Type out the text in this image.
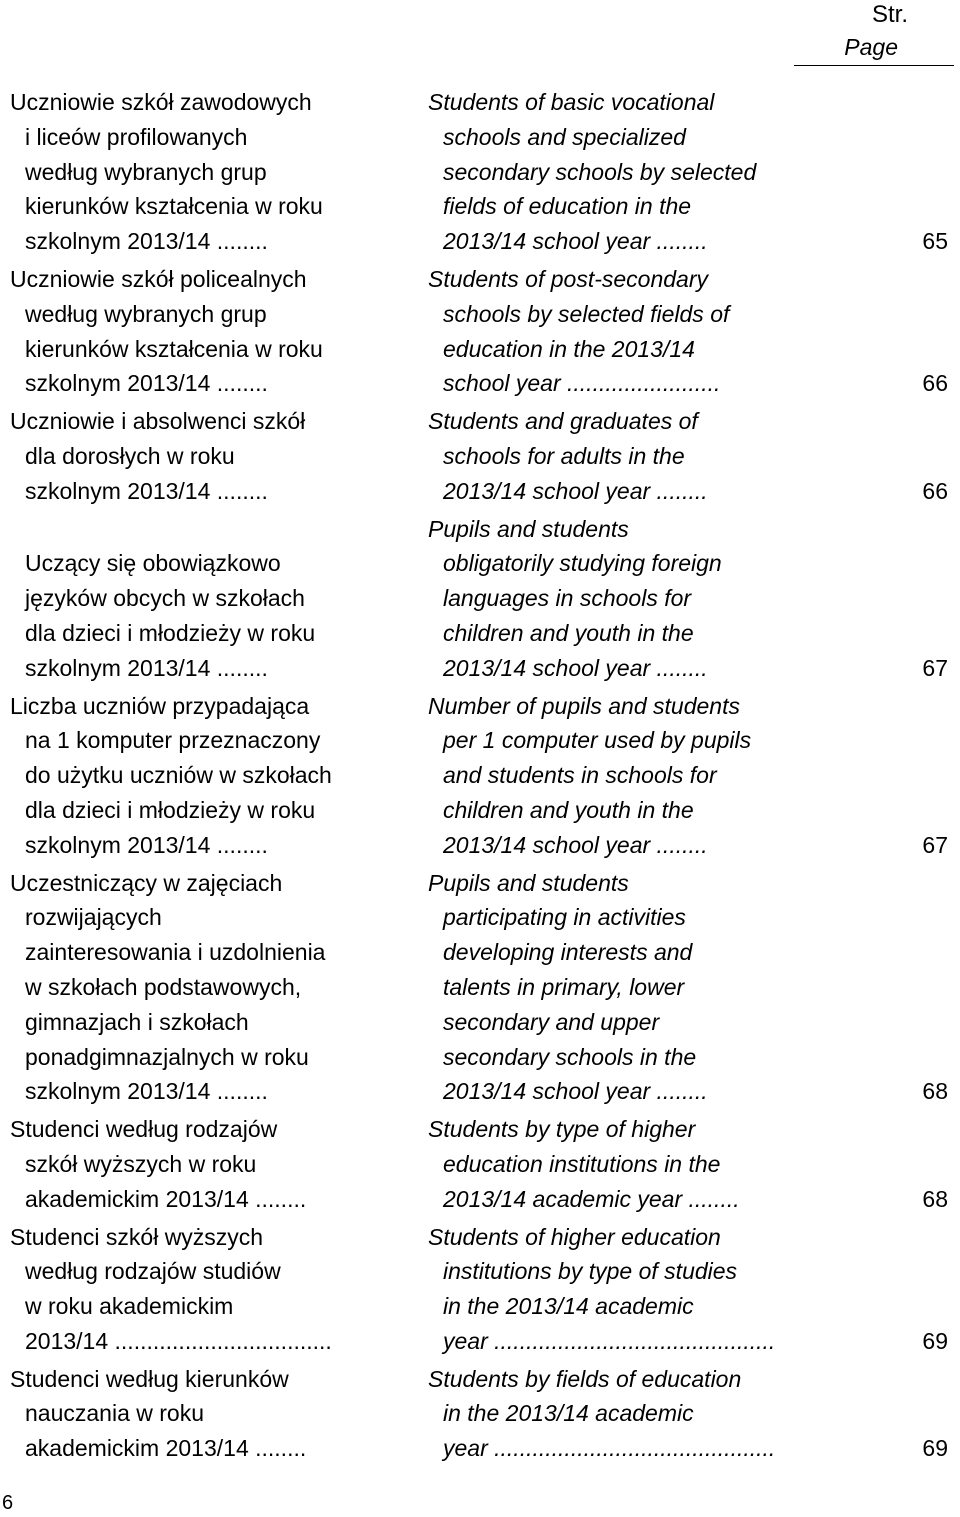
Str.
Page
Uczniowie szkół zawodowych
i liceów profilowanych
według wybranych grup
kierunków kształcenia w roku
szkolnym 2013/14 ........
Students of basic vocational
schools and specialized
secondary schools by selected
fields of education in the
2013/14 school year ........	65
Uczniowie szkół policealnych
według wybranych grup
kierunków kształcenia w roku
szkolnym 2013/14 ........
Students of post-secondary
schools by selected fields of
education in the 2013/14
school year ........................	66
Uczniowie i absolwenci szkół
dla dorosłych w roku
szkolnym 2013/14 ........
Students and graduates of
schools for adults in the
2013/14 school year ........	66

Uczący się obowiązkowo
języków obcych w szkołach
dla dzieci i młodzieży w roku
szkolnym 2013/14 ........
Pupils and students
obligatorily studying foreign
languages in schools for
children and youth in the
2013/14 school year ........	67
Liczba uczniów przypadająca
na 1 komputer przeznaczony
do użytku uczniów w szkołach
dla dzieci i młodzieży w roku
szkolnym 2013/14 ........
Number of pupils and students
per 1 computer used by pupils
and students in schools for
children and youth in the
2013/14 school year ........	67
Uczestniczący w zajęciach
rozwijających
zainteresowania i uzdolnienia
w szkołach podstawowych,
gimnazjach i szkołach
ponadgimnazjalnych w roku
szkolnym 2013/14 ........
Pupils and students
participating in activities
developing interests and
talents in primary, lower
secondary and upper
secondary schools in the
2013/14 school year ........	68
Studenci według rodzajów
szkół wyższych w roku
akademickim 2013/14 ........
Students by type of higher
education institutions in the
2013/14 academic year ........	68
Studenci szkół wyższych
według rodzajów studiów
w roku akademickim
2013/14 ..................................
Students of higher education
institutions by type of studies
in the 2013/14 academic
year ............................................	69
Studenci według kierunków
nauczania w roku
akademickim 2013/14 ........
Students by fields of education
in the 2013/14 academic
year ............................................	69
6
